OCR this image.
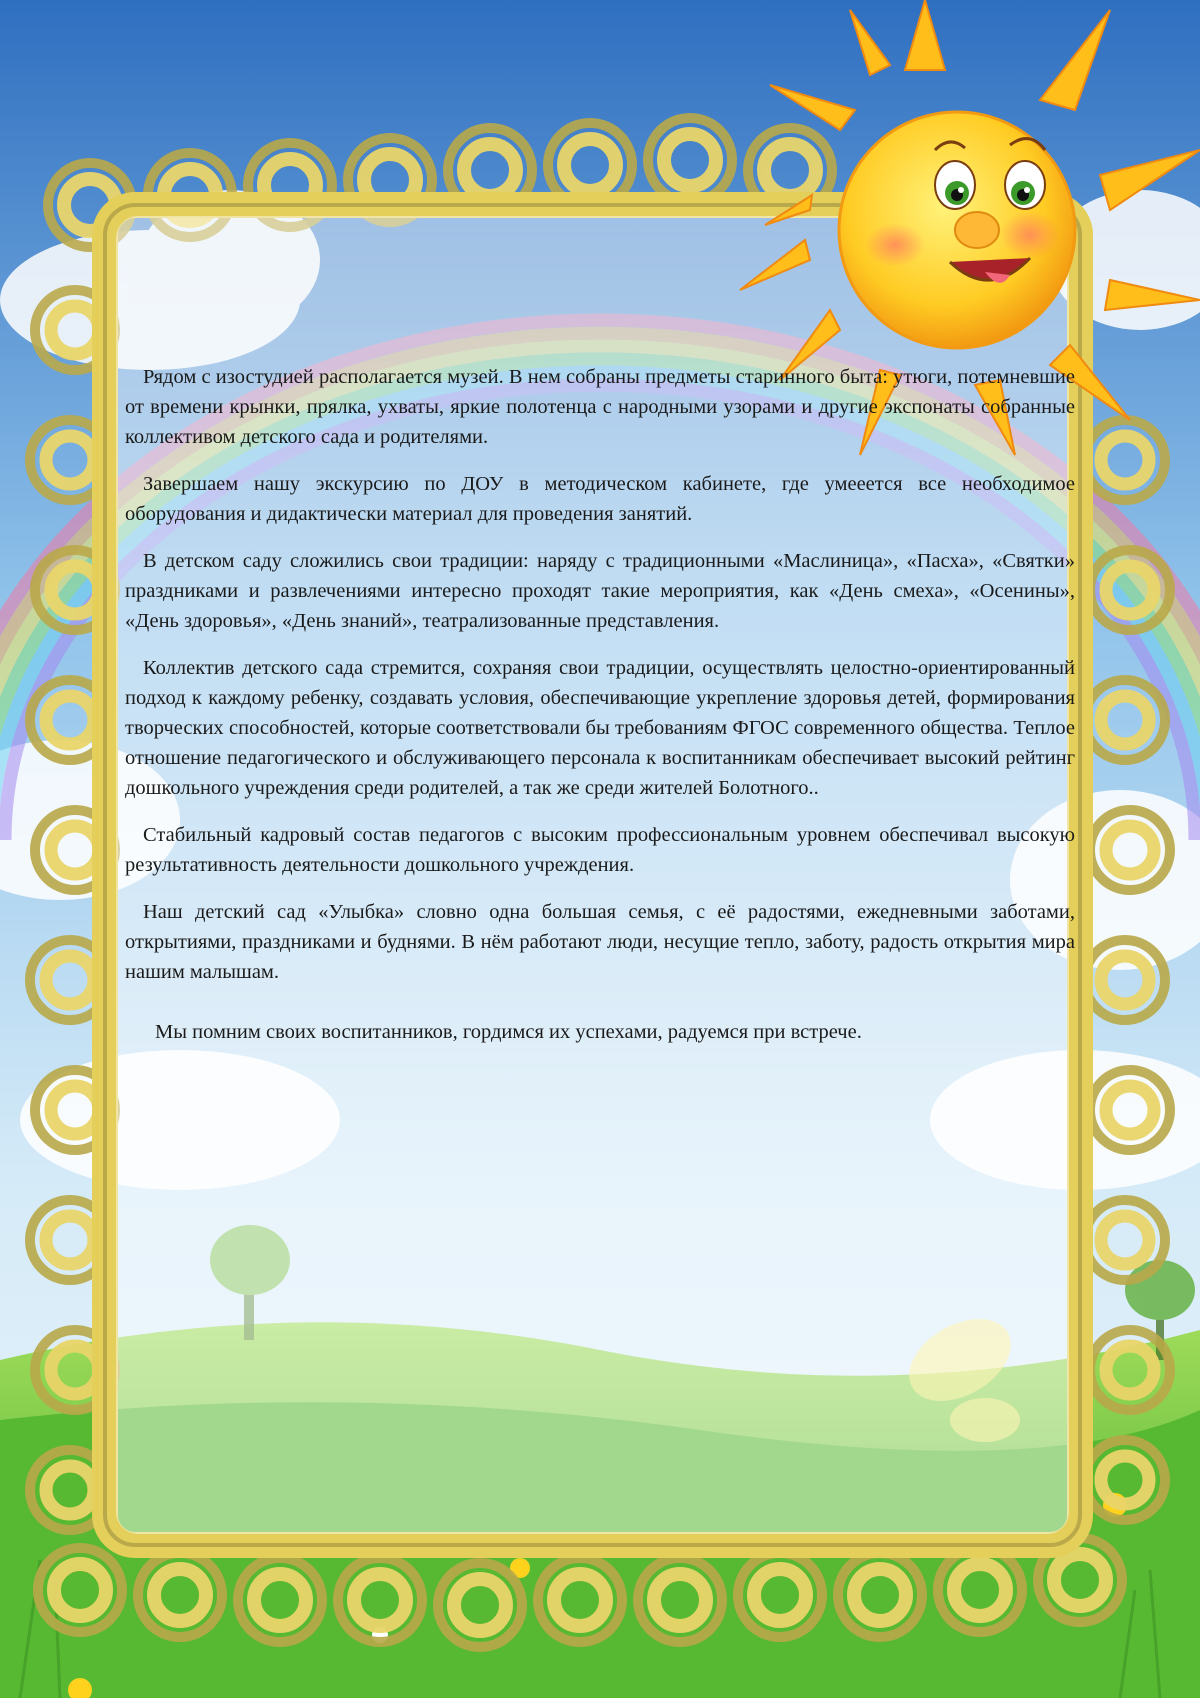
Рядом с изостудией располагается музей. В нем собраны предметы старинного быта: утюги, потемневшие от времени крынки, прялка, ухваты, яркие полотенца с народными узорами и другие экспонаты собранные коллективом детского сада и родителями.

Завершаем нашу экскурсию по ДОУ в методическом кабинете, где умееется все необходимое оборудования и дидактически материал для проведения занятий.

В детском саду сложились свои традиции: наряду с традиционными «Маслиница», «Пасха», «Святки» праздниками и развлечениями интересно проходят такие мероприятия, как «День смеха», «Осенины», «День здоровья», «День знаний», театрализованные представления.

Коллектив детского сада стремится, сохраняя свои традиции, осуществлять целостно-ориентированный подход к каждому ребенку, создавать условия, обеспечивающие укрепление здоровья детей, формирования творческих способностей, которые соответствовали бы требованиям ФГОС современного общества. Теплое отношение педагогического и обслуживающего персонала к воспитанникам обеспечивает высокий рейтинг дошкольного учреждения среди родителей, а так же среди жителей Болотного..

Стабильный кадровый состав педагогов с высоким профессиональным уровнем обеспечивал высокую результативность деятельности дошкольного учреждения.

Наш детский сад «Улыбка» словно одна большая семья, с её радостями, ежедневными заботами, открытиями, праздниками и буднями. В нём работают люди, несущие тепло, заботу, радость открытия мира нашим малышам.

Мы помним своих воспитанников, гордимся их успехами, радуемся при встрече.
